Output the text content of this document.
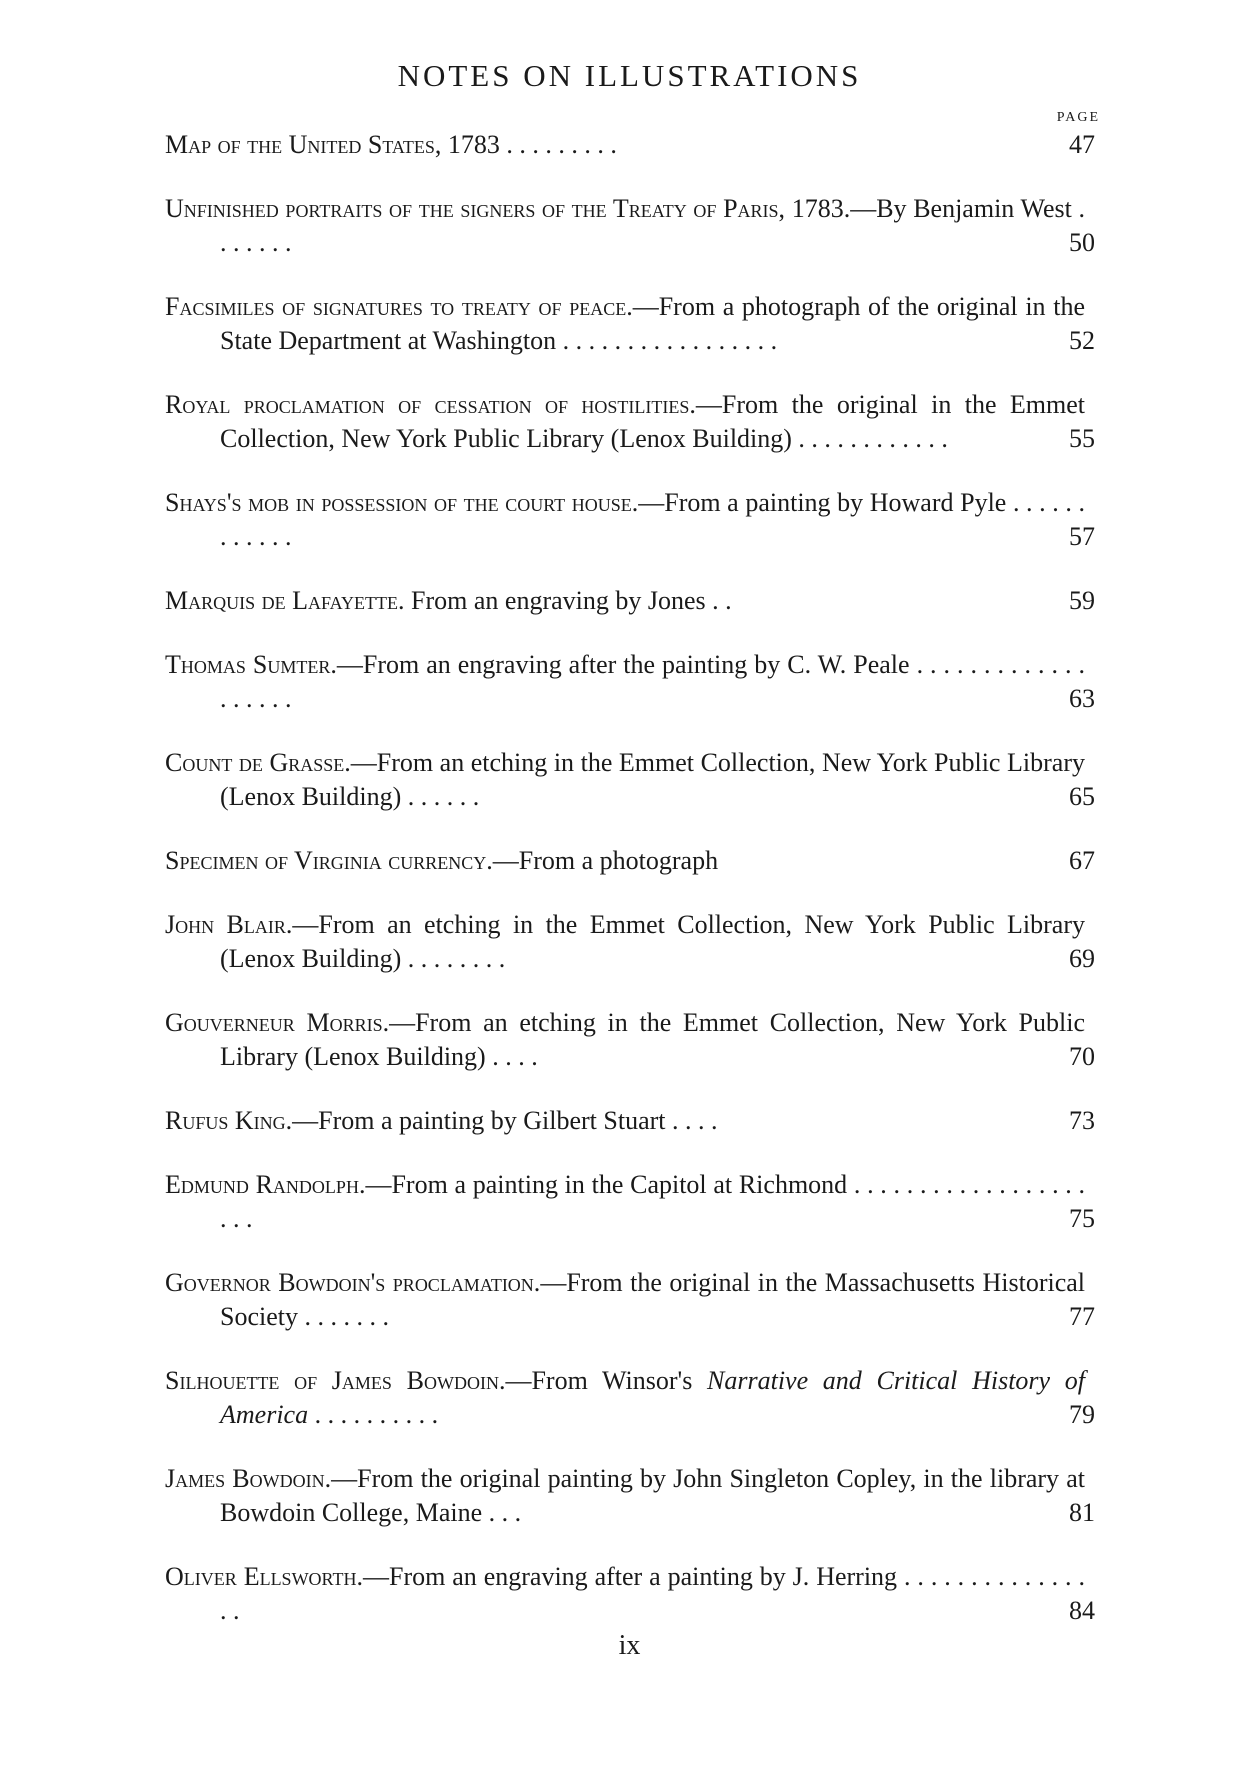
NOTES ON ILLUSTRATIONS
PAGE
Map of the United States, 1783 . . . . . . . . .	47
Unfinished portraits of the signers of the Treaty of Paris, 1783.—By Benjamin West . . . . . . .	50
Facsimiles of signatures to treaty of peace.—From a photograph of the original in the State Department at Washington . . . . . . . . . . . . . . . . .	52
Royal proclamation of cessation of hostilities.—From the original in the Emmet Collection, New York Public Library (Lenox Building) . . . . . . . . . . . .	55
Shays's mob in possession of the court house.—From a painting by Howard Pyle . . . . . . . . . . . .	57
Marquis de Lafayette. From an engraving by Jones . .	59
Thomas Sumter.—From an engraving after the painting by C. W. Peale . . . . . . . . . . . . . . . . . . .	63
Count de Grasse.—From an etching in the Emmet Collection, New York Public Library (Lenox Building) . . . . . .	65
Specimen of Virginia currency.—From a photograph	67
John Blair.—From an etching in the Emmet Collection, New York Public Library (Lenox Building) . . . . . . . .	69
Gouverneur Morris.—From an etching in the Emmet Collection, New York Public Library (Lenox Building) . . . .	70
Rufus King.—From a painting by Gilbert Stuart . . . .	73
Edmund Randolph.—From a painting in the Capitol at Richmond . . . . . . . . . . . . . . . . . . . . .	75
Governor Bowdoin's proclamation.—From the original in the Massachusetts Historical Society . . . . . . .	77
Silhouette of James Bowdoin.—From Winsor's Narrative and Critical History of America . . . . . . . . . .	79
James Bowdoin.—From the original painting by John Singleton Copley, in the library at Bowdoin College, Maine . . .	81
Oliver Ellsworth.—From an engraving after a painting by J. Herring . . . . . . . . . . . . . . . .	84
ix
